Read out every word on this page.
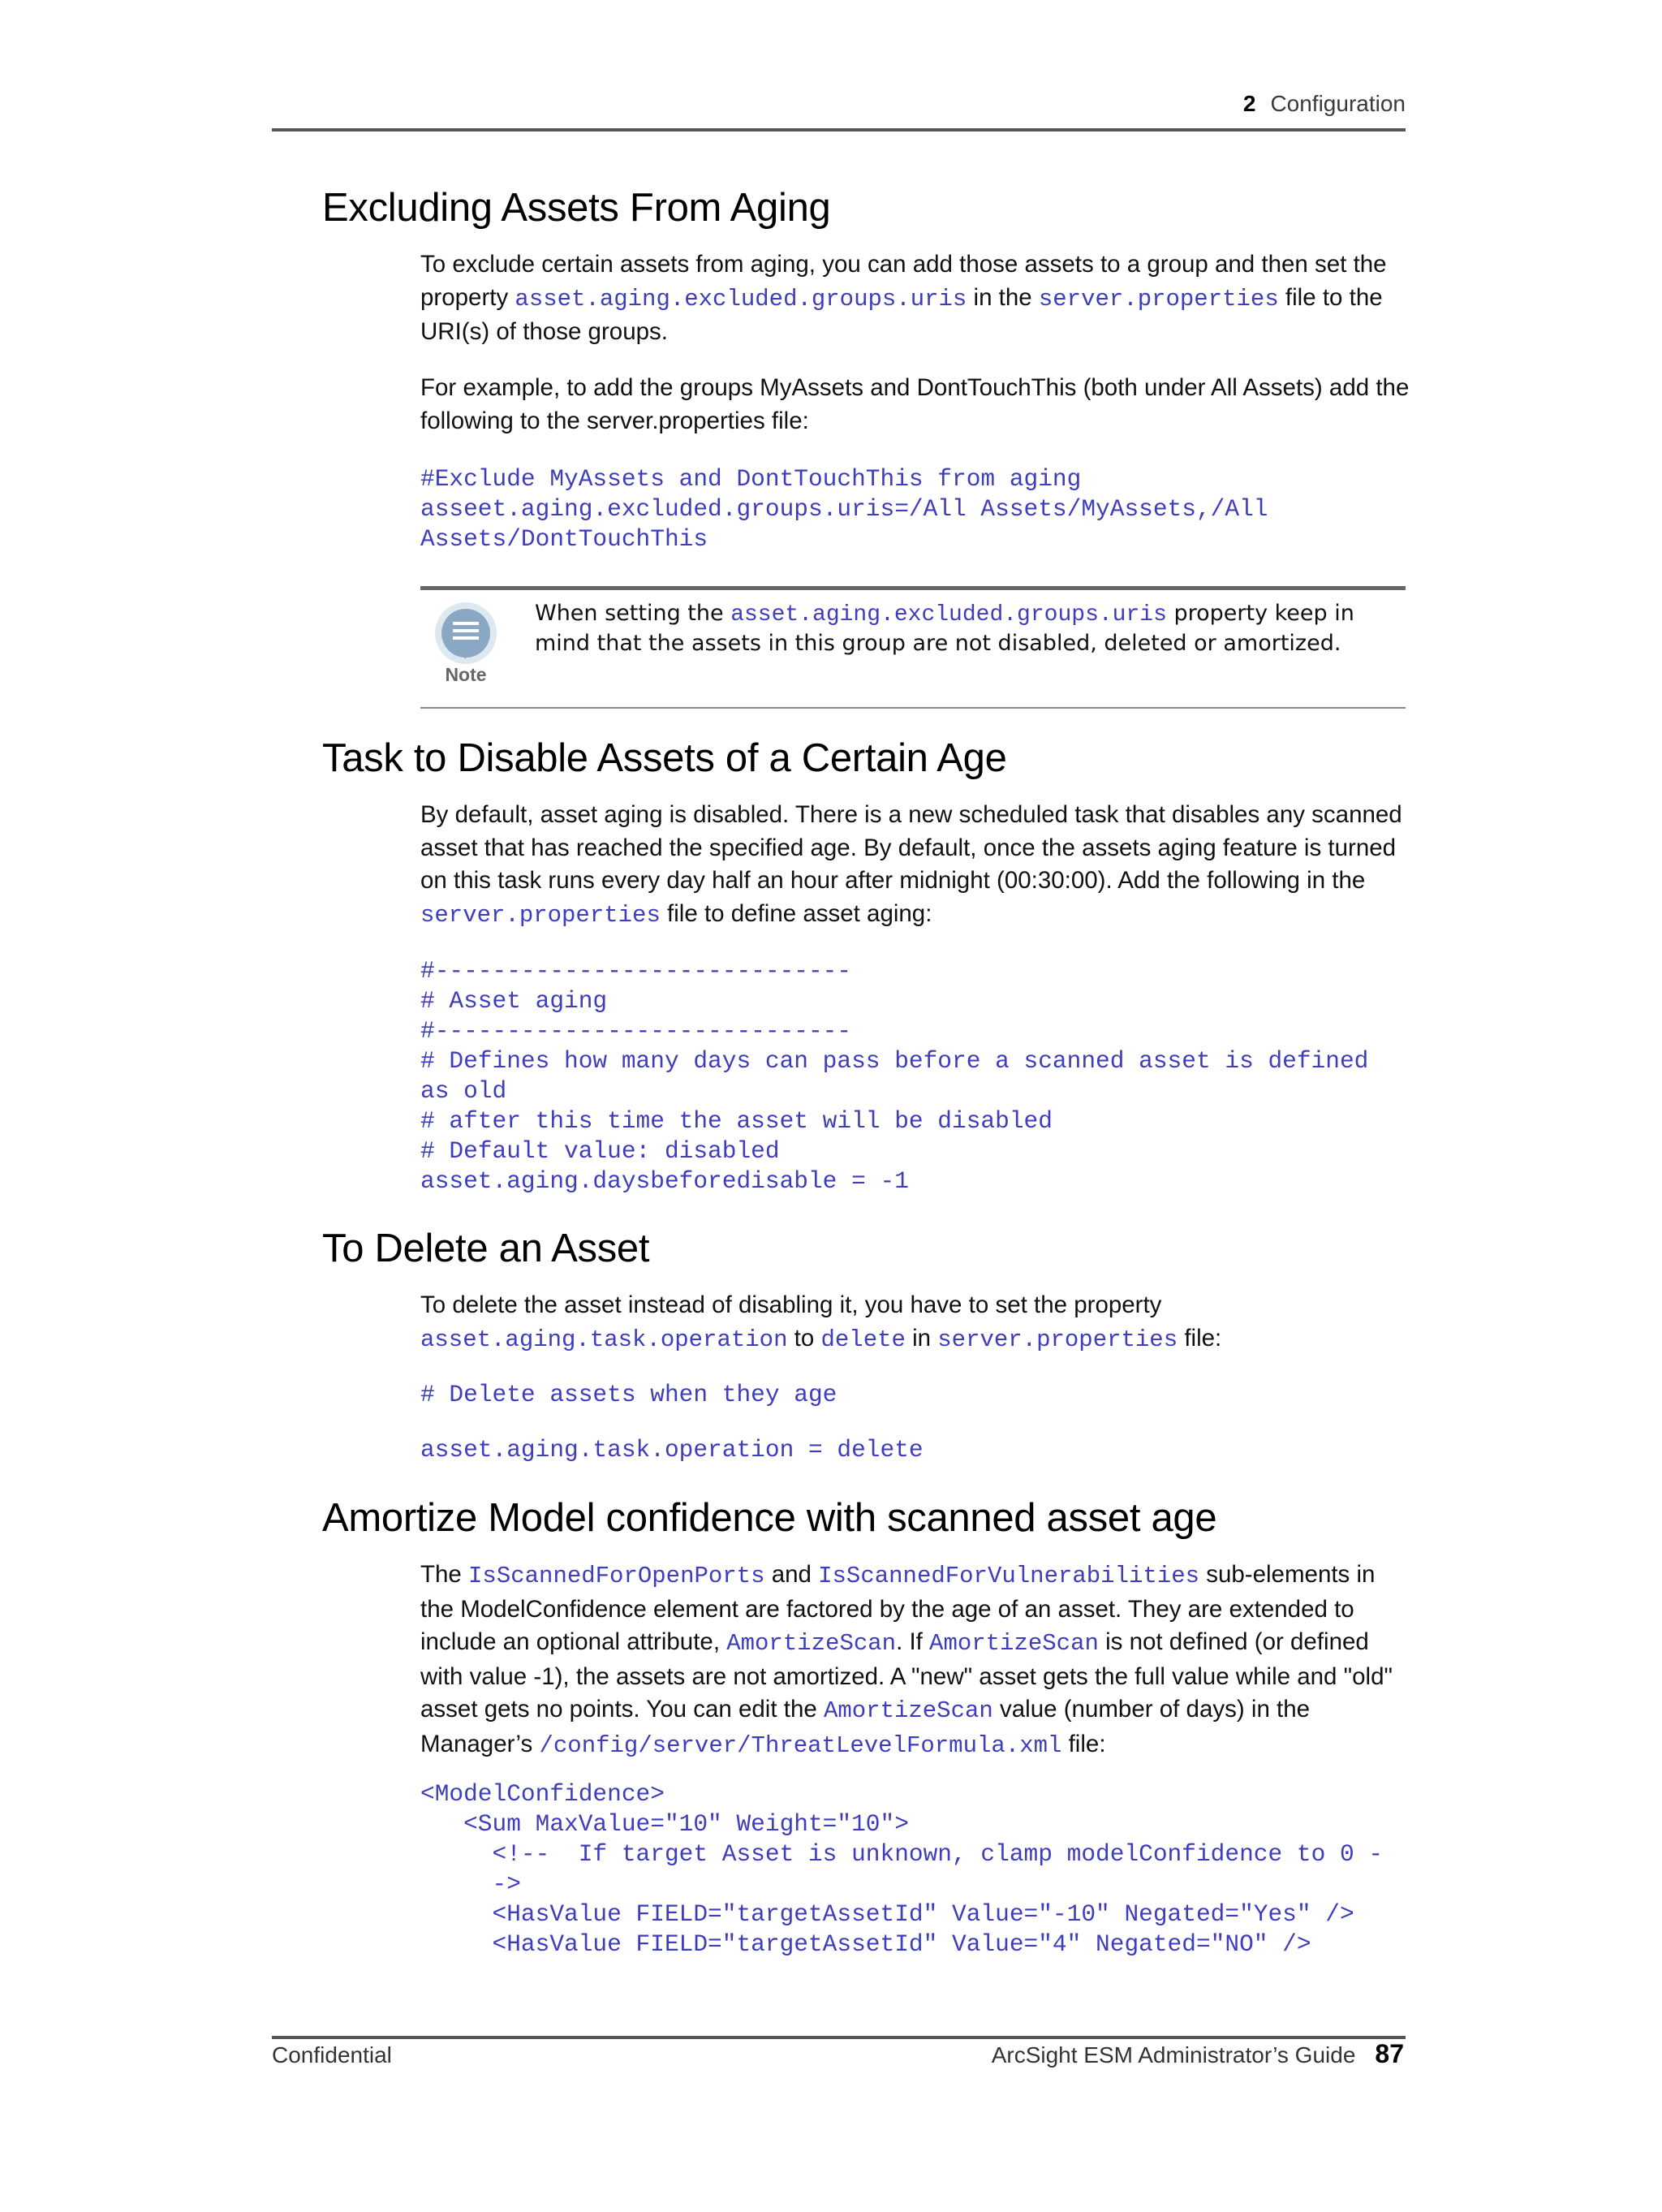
2 Configuration
Excluding Assets From Aging

To exclude certain assets from aging, you can add those assets to a group and then set the property asset.aging.excluded.groups.uris in the server.properties file to the URI(s) of those groups.

For example, to add the groups MyAssets and DontTouchThis (both under All Assets) add the following to the server.properties file:

#Exclude MyAssets and DontTouchThis from aging
asseet.aging.excluded.groups.uris=/All Assets/MyAssets,/All
Assets/DontTouchThis
Note

When setting the asset.aging.excluded.groups.uris property keep in mind that the assets in this group are not disabled, deleted or amortized.

Task to Disable Assets of a Certain Age

By default, asset aging is disabled. There is a new scheduled task that disables any scanned asset that has reached the specified age. By default, once the assets aging feature is turned on this task runs every day half an hour after midnight (00:30:00). Add the following in the server.properties file to define asset aging:

#-----------------------------
# Asset aging
#-----------------------------
# Defines how many days can pass before a scanned asset is defined
as old
# after this time the asset will be disabled
# Default value: disabled
asset.aging.daysbeforedisable = -1
To Delete an Asset

To delete the asset instead of disabling it, you have to set the property asset.aging.task.operation to delete in server.properties file:

# Delete assets when they age
asset.aging.task.operation = delete
Amortize Model confidence with scanned asset age

The IsScannedForOpenPorts and IsScannedForVulnerabilities sub-elements in the ModelConfidence element are factored by the age of an asset. They are extended to include an optional attribute, AmortizeScan. If AmortizeScan is not defined (or defined with value -1), the assets are not amortized. A "new" asset gets the full value while and "old" asset gets no points. You can edit the AmortizeScan value (number of days) in the Manager’s /config/server/ThreatLevelFormula.xml file:

<ModelConfidence>
<Sum MaxValue="10" Weight="10">
<!--  If target Asset is unknown, clamp modelConfidence to 0 -
->
<HasValue FIELD="targetAssetId" Value="-10" Negated="Yes" />
<HasValue FIELD="targetAssetId" Value="4" Negated="NO" />
Confidential	ArcSight ESM Administrator’s Guide 87
